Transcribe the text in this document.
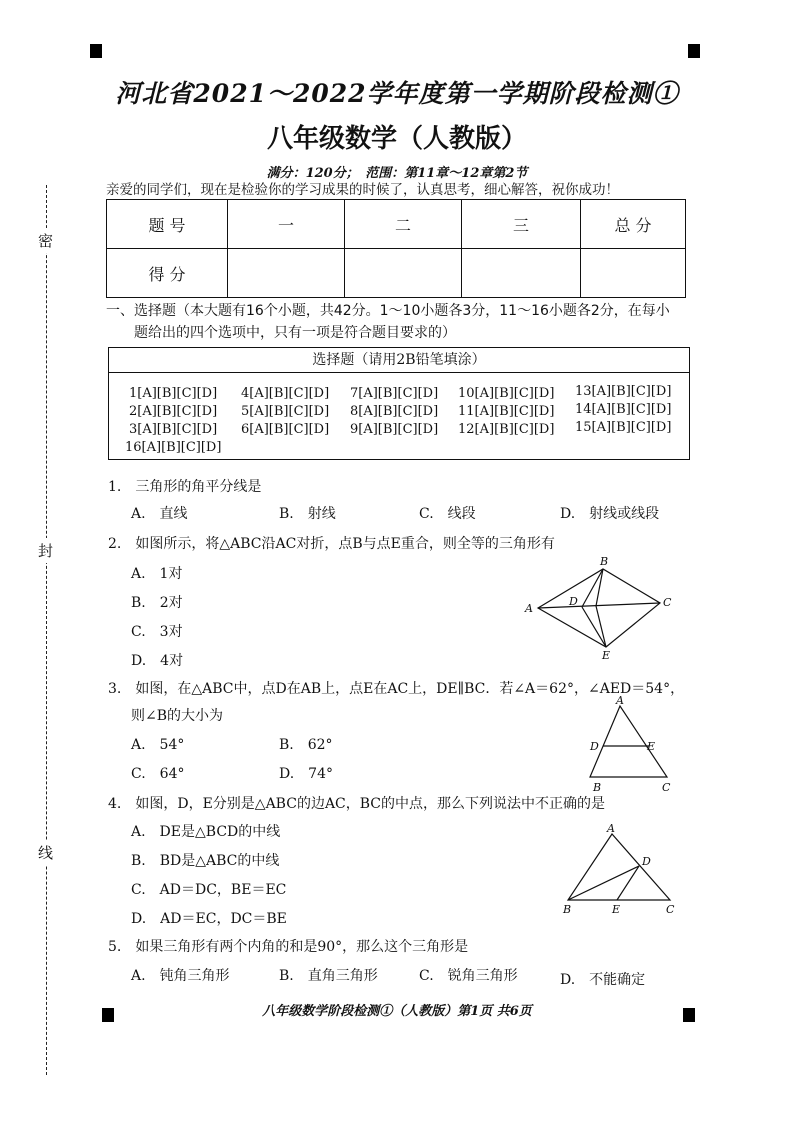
密
封
线
河北省2021～2022学年度第一学期阶段检测①
八年级数学（人教版）
满分：120分；　范围：第11章～12章第2节
亲爱的同学们，现在是检验你的学习成果的时候了，认真思考，细心解答，祝你成功！
题 号	一	二	三	总 分
得 分				
一、选择题（本大题有16个小题，共42分。1～10小题各3分，11～16小题各2分，在每小
题给出的四个选项中，只有一项是符合题目要求的）
选择题（请用2B铅笔填涂）
1[A][B][C][D]
2[A][B][C][D]
3[A][B][C][D]
4[A][B][C][D]
5[A][B][C][D]
6[A][B][C][D]
7[A][B][C][D]
8[A][B][C][D]
9[A][B][C][D]
10[A][B][C][D]
11[A][B][C][D]
12[A][B][C][D]
13[A][B][C][D]
14[A][B][C][D]
15[A][B][C][D]
16[A][B][C][D]
1.　三角形的角平分线是
A.　直线	B.　射线	C.　线段	D.　射线或线段
2.　如图所示，将△ABC沿AC对折，点B与点E重合，则全等的三角形有
A.　1对
B.　2对
C.　3对
D.　4对
A
B
C
D
E
3.　如图，在△ABC中，点D在AB上，点E在AC上，DE∥BC．若∠A＝62°，∠AED＝54°，
则∠B的大小为
A.　54°	B.　62°
C.　64°	D.　74°
A
B	C
D	E
4.　如图，D，E分别是△ABC的边AC，BC的中点，那么下列说法中不正确的是
A.　DE是△BCD的中线
B.　BD是△ABC的中线
C.　AD＝DC，BE＝EC
D.　AD＝EC，DC＝BE
A
B	C
D
E
5.　如果三角形有两个内角的和是90°，那么这个三角形是
A.　钝角三角形	B.　直角三角形	C.　锐角三角形	D.　不能确定
八年级数学阶段检测①（人教版）第1页 共6页
